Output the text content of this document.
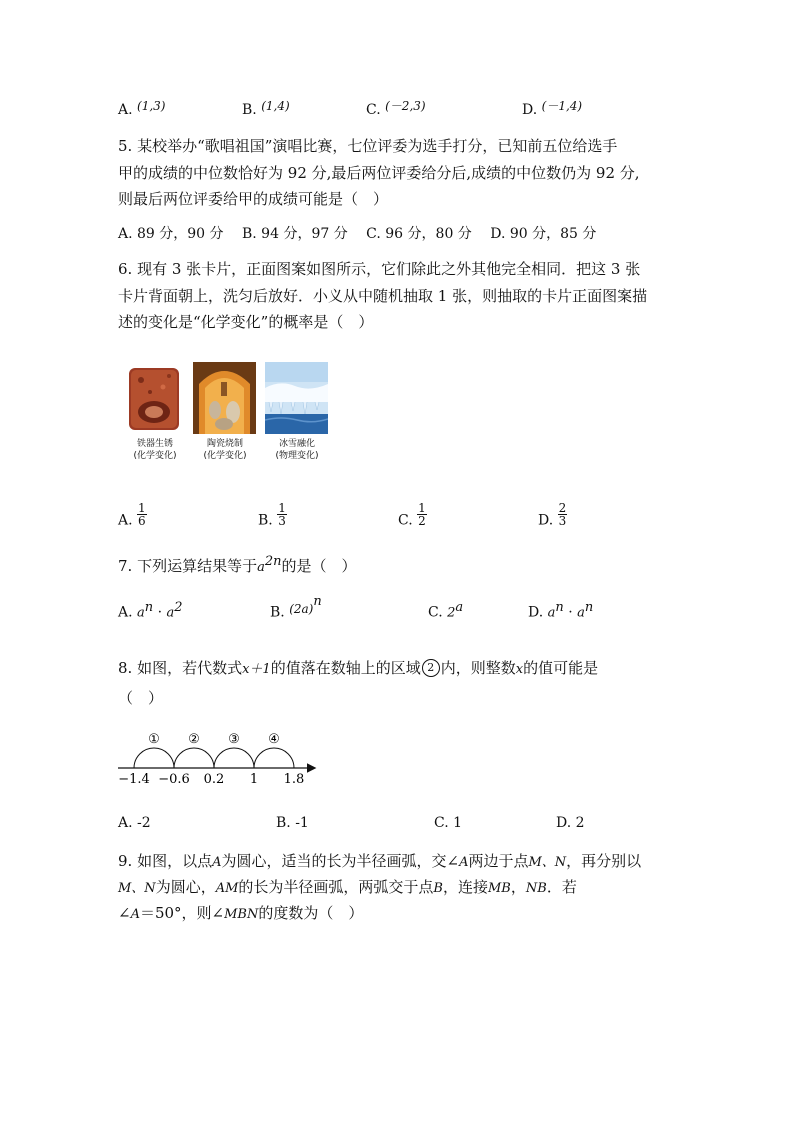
A. (1,3)	B. (1,4)	C. (－2,3)	D. (－1,4)
5. 某校举办“歌唱祖国”演唱比赛，七位评委为选手打分，已知前五位给选手
甲的成绩的中位数恰好为 92 分,最后两位评委给分后,成绩的中位数仍为 92 分,
则最后两位评委给甲的成绩可能是（　）
A. 89 分，90 分　 B. 94 分，97 分　 C. 96 分，80 分　 D. 90 分，85 分
6. 现有 3 张卡片，正面图案如图所示，它们除此之外其他完全相同．把这 3 张
卡片背面朝上，洗匀后放好．小义从中随机抽取 1 张，则抽取的卡片正面图案描
述的变化是“化学变化”的概率是（　）
铁器生锈
(化学变化)
陶瓷烧制
(化学变化)
冰雪融化
(物理变化)
A. $\frac{1}{6}$	B. $\frac{1}{3}$	C. $\frac{1}{2}$	D. $\frac{2}{3}$
7. 下列运算结果等于$a^{2n}$的是（　）
A. $a^n \cdot a^2$	B. $(2a)^n$
C. 2$^a$	D. $a^n \cdot a^n$
8. 如图，若代数式x＋1的值落在数轴上的区域 2 内，则整数x的值可能是
（　）
① ② ③ ④
−1.4 −0.6 0.2 1 1.8
A. -2	B. -1	C. 1	D. 2
9. 如图，以点A为圆心，适当的长为半径画弧，交∠A两边于点M、N，再分别以
M、N为圆心，AM的长为半径画弧，两弧交于点B，连接MB，NB．若
∠A＝50°，则∠MBN的度数为（　）
